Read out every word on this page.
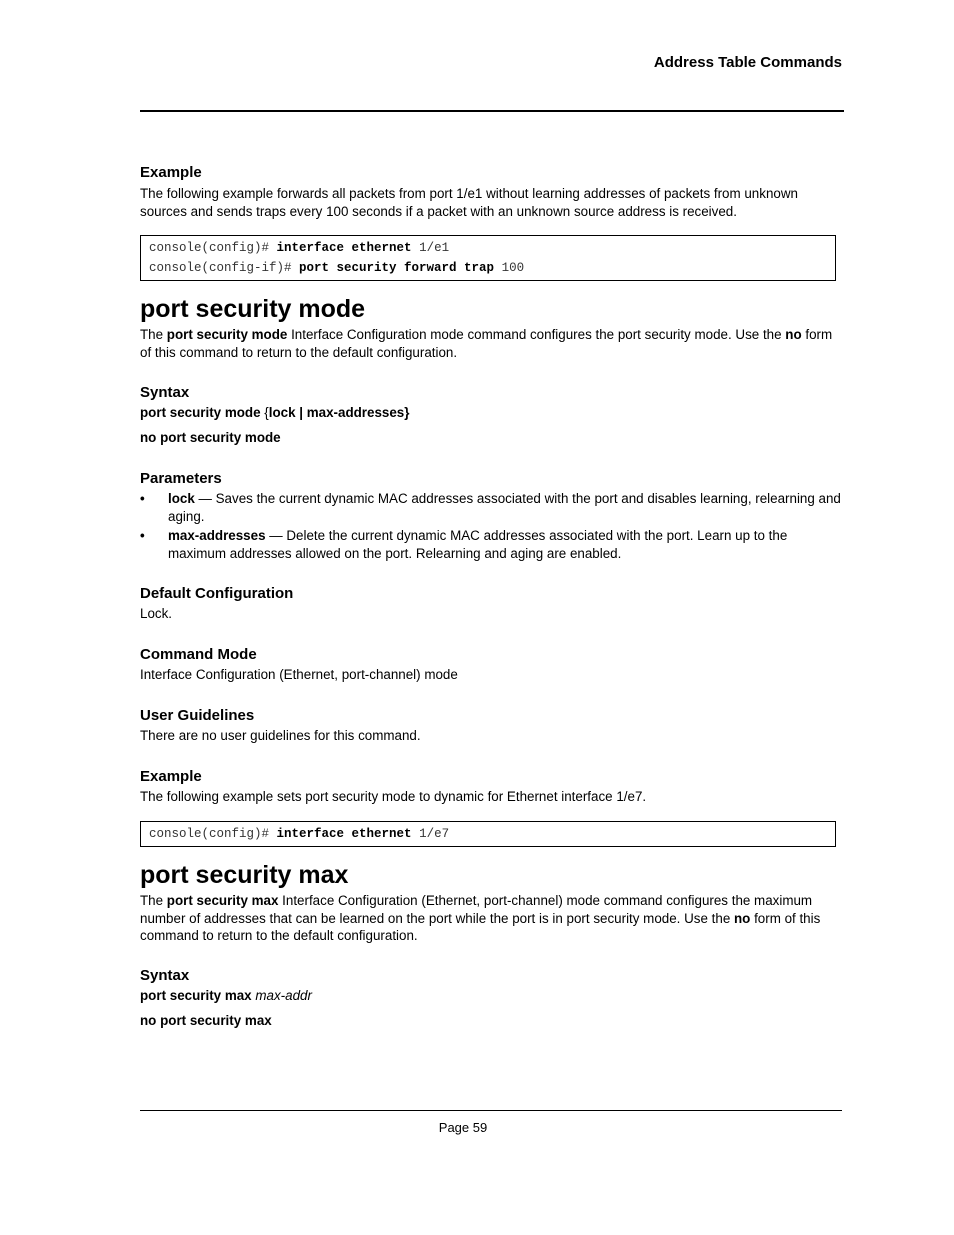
Address Table Commands
Example
The following example forwards all packets from port 1/e1 without learning addresses of packets from unknown sources and sends traps every 100 seconds if a packet with an unknown source address is received.
console(config)# interface ethernet 1/e1
console(config-if)# port security forward trap 100
port security mode
The port security mode Interface Configuration mode command configures the port security mode. Use the no form of this command to return to the default configuration.
Syntax
port security mode {lock | max-addresses}
no port security mode
Parameters
• lock — Saves the current dynamic MAC addresses associated with the port and disables learning, relearning and aging.
• max-addresses — Delete the current dynamic MAC addresses associated with the port. Learn up to the maximum addresses allowed on the port. Relearning and aging are enabled.
Default Configuration
Lock.
Command Mode
Interface Configuration (Ethernet, port-channel) mode
User Guidelines
There are no user guidelines for this command.
Example
The following example sets port security mode to dynamic for Ethernet interface 1/e7.
console(config)# interface ethernet 1/e7
port security max
The port security max Interface Configuration (Ethernet, port-channel) mode command configures the maximum number of addresses that can be learned on the port while the port is in port security mode. Use the no form of this command to return to the default configuration.
Syntax
port security max max-addr
no port security max
Page 59
